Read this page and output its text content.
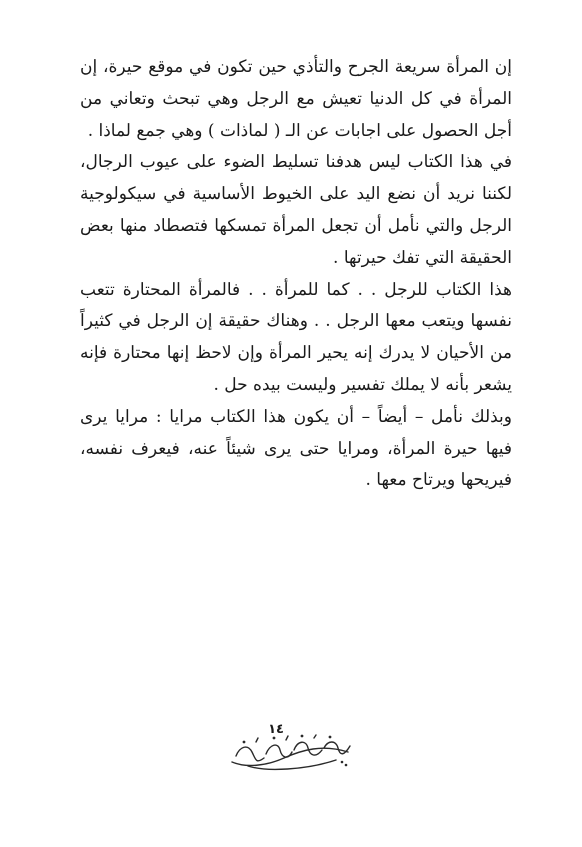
إن المرأة سريعة الجرح والتأذي حين تكون في موقع حيرة، إن المرأة في كل الدنيا تعيش مع الرجل وهي تبحث وتعاني من أجل الحصول على اجابات عن الـ ( لماذات ) وهي جمع لماذا .

في هذا الكتاب ليس هدفنا تسليط الضوء على عيوب الرجال، لكننا نريد أن نضع اليد على الخيوط الأساسية في سيكولوجية الرجل والتي نأمل أن تجعل المرأة تمسكها فتصطاد منها بعض الحقيقة التي تفك حيرتها .

هذا الكتاب للرجل . . كما للمرأة . . فالمرأة المحتارة تتعب نفسها ويتعب معها الرجل . . وهناك حقيقة إن الرجل في كثيراً من الأحيان لا يدرك إنه يحير المرأة وإن لاحظ إنها محتارة فإنه يشعر بأنه لا يملك تفسير وليست بيده حل .

وبذلك نأمل – أيضاً – أن يكون هذا الكتاب مرايا : مرايا يرى فيها حيرة المرأة، ومرايا حتى يرى شيئاً عنه، فيعرف نفسه، فيريحها ويرتاح معها .

١٤
